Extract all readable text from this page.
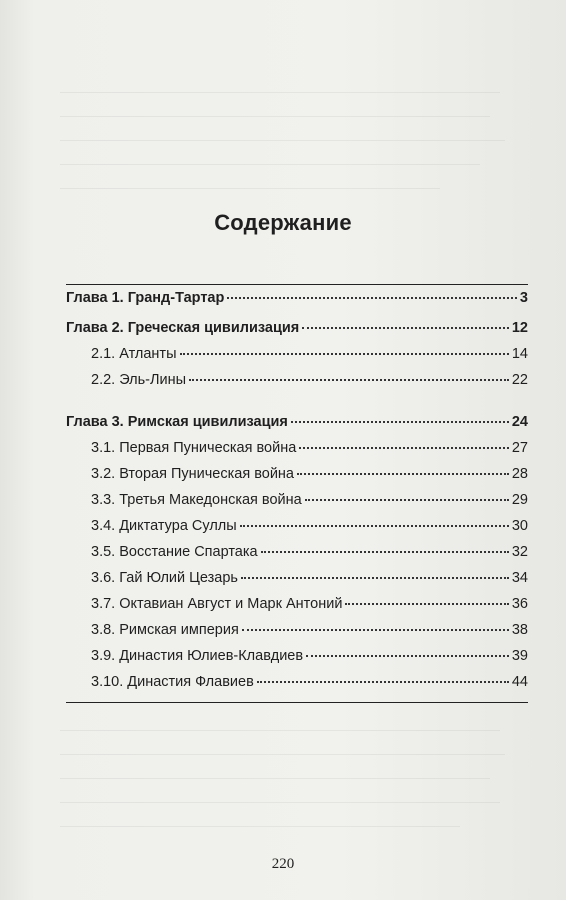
Содержание
Глава 1. Гранд-Тартар	3
Глава 2. Греческая цивилизация	12
2.1. Атланты	14
2.2. Эль-Лины	22
Глава 3. Римская цивилизация	24
3.1. Первая Пуническая война	27
3.2. Вторая Пуническая война	28
3.3. Третья Македонская война	29
3.4. Диктатура Суллы	30
3.5. Восстание Спартака	32
3.6. Гай Юлий Цезарь	34
3.7. Октавиан Август и Марк Антоний	36
3.8. Римская империя	38
3.9. Династия Юлиев-Клавдиев	39
3.10. Династия Флавиев	44
220
